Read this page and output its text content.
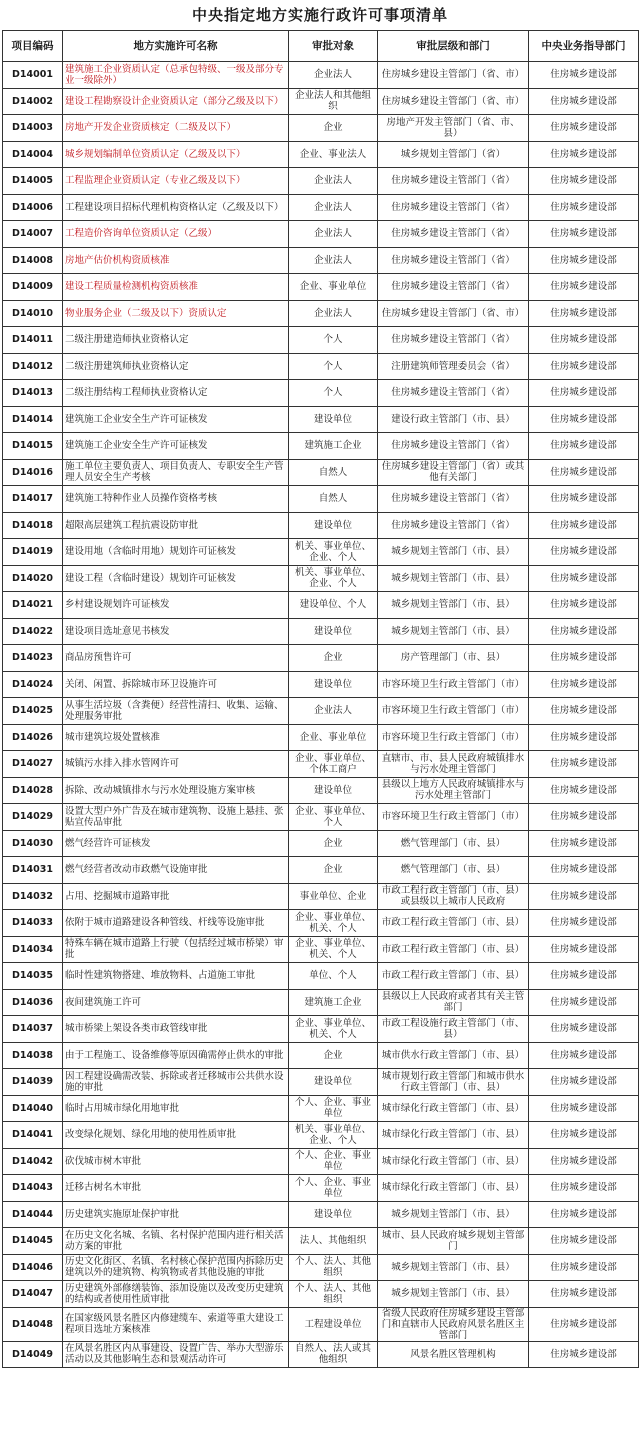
中央指定地方实施行政许可事项清单
项目编码	地方实施许可名称	审批对象	审批层级和部门	中央业务指导部门
D14001	建筑施工企业资质认定（总承包特级、一级及部分专业一级除外）	企业法人	住房城乡建设主管部门（省、市）	住房城乡建设部
D14002	建设工程勘察设计企业资质认定（部分乙级及以下）	企业法人和其他组织	住房城乡建设主管部门（省、市）	住房城乡建设部
D14003	房地产开发企业资质核定（二级及以下）	企业	房地产开发主管部门（省、市、县）	住房城乡建设部
D14004	城乡规划编制单位资质认定（乙级及以下）	企业、事业法人	城乡规划主管部门（省）	住房城乡建设部
D14005	工程监理企业资质认定（专业乙级及以下）	企业法人	住房城乡建设主管部门（省）	住房城乡建设部
D14006	工程建设项目招标代理机构资格认定（乙级及以下）	企业法人	住房城乡建设主管部门（省）	住房城乡建设部
D14007	工程造价咨询单位资质认定（乙级）	企业法人	住房城乡建设主管部门（省）	住房城乡建设部
D14008	房地产估价机构资质核准	企业法人	住房城乡建设主管部门（省）	住房城乡建设部
D14009	建设工程质量检测机构资质核准	企业、事业单位	住房城乡建设主管部门（省）	住房城乡建设部
D14010	物业服务企业（二级及以下）资质认定	企业法人	住房城乡建设主管部门（省、市）	住房城乡建设部
D14011	二级注册建造师执业资格认定	个人	住房城乡建设主管部门（省）	住房城乡建设部
D14012	二级注册建筑师执业资格认定	个人	注册建筑师管理委员会（省）	住房城乡建设部
D14013	二级注册结构工程师执业资格认定	个人	住房城乡建设主管部门（省）	住房城乡建设部
D14014	建筑施工企业安全生产许可证核发	建设单位	建设行政主管部门（市、县）	住房城乡建设部
D14015	建筑施工企业安全生产许可证核发	建筑施工企业	住房城乡建设主管部门（省）	住房城乡建设部
D14016	施工单位主要负责人、项目负责人、专职安全生产管理人员安全生产考核	自然人	住房城乡建设主管部门（省）或其他有关部门	住房城乡建设部
D14017	建筑施工特种作业人员操作资格考核	自然人	住房城乡建设主管部门（省）	住房城乡建设部
D14018	超限高层建筑工程抗震设防审批	建设单位	住房城乡建设主管部门（省）	住房城乡建设部
D14019	建设用地（含临时用地）规划许可证核发	机关、事业单位、企业、个人	城乡规划主管部门（市、县）	住房城乡建设部
D14020	建设工程（含临时建设）规划许可证核发	机关、事业单位、企业、个人	城乡规划主管部门（市、县）	住房城乡建设部
D14021	乡村建设规划许可证核发	建设单位、个人	城乡规划主管部门（市、县）	住房城乡建设部
D14022	建设项目选址意见书核发	建设单位	城乡规划主管部门（市、县）	住房城乡建设部
D14023	商品房预售许可	企业	房产管理部门（市、县）	住房城乡建设部
D14024	关闭、闲置、拆除城市环卫设施许可	建设单位	市容环境卫生行政主管部门（市）	住房城乡建设部
D14025	从事生活垃圾（含粪便）经营性清扫、收集、运输、处理服务审批	企业法人	市容环境卫生行政主管部门（市）	住房城乡建设部
D14026	城市建筑垃圾处置核准	企业、事业单位	市容环境卫生行政主管部门（市）	住房城乡建设部
D14027	城镇污水排入排水管网许可	企业、事业单位、个体工商户	直辖市、市、县人民政府城镇排水与污水处理主管部门	住房城乡建设部
D14028	拆除、改动城镇排水与污水处理设施方案审核	建设单位	县级以上地方人民政府城镇排水与污水处理主管部门	住房城乡建设部
D14029	设置大型户外广告及在城市建筑物、设施上悬挂、张贴宣传品审批	企业、事业单位、个人	市容环境卫生行政主管部门（市）	住房城乡建设部
D14030	燃气经营许可证核发	企业	燃气管理部门（市、县）	住房城乡建设部
D14031	燃气经营者改动市政燃气设施审批	企业	燃气管理部门（市、县）	住房城乡建设部
D14032	占用、挖掘城市道路审批	事业单位、企业	市政工程行政主管部门（市、县）或县级以上城市人民政府	住房城乡建设部
D14033	依附于城市道路建设各种管线、杆线等设施审批	企业、事业单位、机关、个人	市政工程行政主管部门（市、县）	住房城乡建设部
D14034	特殊车辆在城市道路上行驶（包括经过城市桥梁）审批	企业、事业单位、机关、个人	市政工程行政主管部门（市、县）	住房城乡建设部
D14035	临时性建筑物搭建、堆放物料、占道施工审批	单位、个人	市政工程行政主管部门（市、县）	住房城乡建设部
D14036	夜间建筑施工许可	建筑施工企业	县级以上人民政府或者其有关主管部门	住房城乡建设部
D14037	城市桥梁上架设各类市政管线审批	企业、事业单位、机关、个人	市政工程设施行政主管部门（市、县）	住房城乡建设部
D14038	由于工程施工、设备维修等原因确需停止供水的审批	企业	城市供水行政主管部门（市、县）	住房城乡建设部
D14039	因工程建设确需改装、拆除或者迁移城市公共供水设施的审批	建设单位	城市规划行政主管部门和城市供水行政主管部门（市、县）	住房城乡建设部
D14040	临时占用城市绿化用地审批	个人、企业、事业单位	城市绿化行政主管部门（市、县）	住房城乡建设部
D14041	改变绿化规划、绿化用地的使用性质审批	机关、事业单位、企业、个人	城市绿化行政主管部门（市、县）	住房城乡建设部
D14042	砍伐城市树木审批	个人、企业、事业单位	城市绿化行政主管部门（市、县）	住房城乡建设部
D14043	迁移古树名木审批	个人、企业、事业单位	城市绿化行政主管部门（市、县）	住房城乡建设部
D14044	历史建筑实施原址保护审批	建设单位	城乡规划主管部门（市、县）	住房城乡建设部
D14045	在历史文化名城、名镇、名村保护范围内进行相关活动方案的审批	法人、其他组织	城市、县人民政府城乡规划主管部门	住房城乡建设部
D14046	历史文化街区、名镇、名村核心保护范围内拆除历史建筑以外的建筑物、构筑物或者其他设施的审批	个人、法人、其他组织	城乡规划主管部门（市、县）	住房城乡建设部
D14047	历史建筑外部修缮装饰、添加设施以及改变历史建筑的结构或者使用性质审批	个人、法人、其他组织	城乡规划主管部门（市、县）	住房城乡建设部
D14048	在国家级风景名胜区内修建缆车、索道等重大建设工程项目选址方案核准	工程建设单位	省级人民政府住房城乡建设主管部门和直辖市人民政府风景名胜区主管部门	住房城乡建设部
D14049	在风景名胜区内从事建设、设置广告、举办大型游乐活动以及其他影响生态和景观活动许可	自然人、法人或其他组织	风景名胜区管理机构	住房城乡建设部
